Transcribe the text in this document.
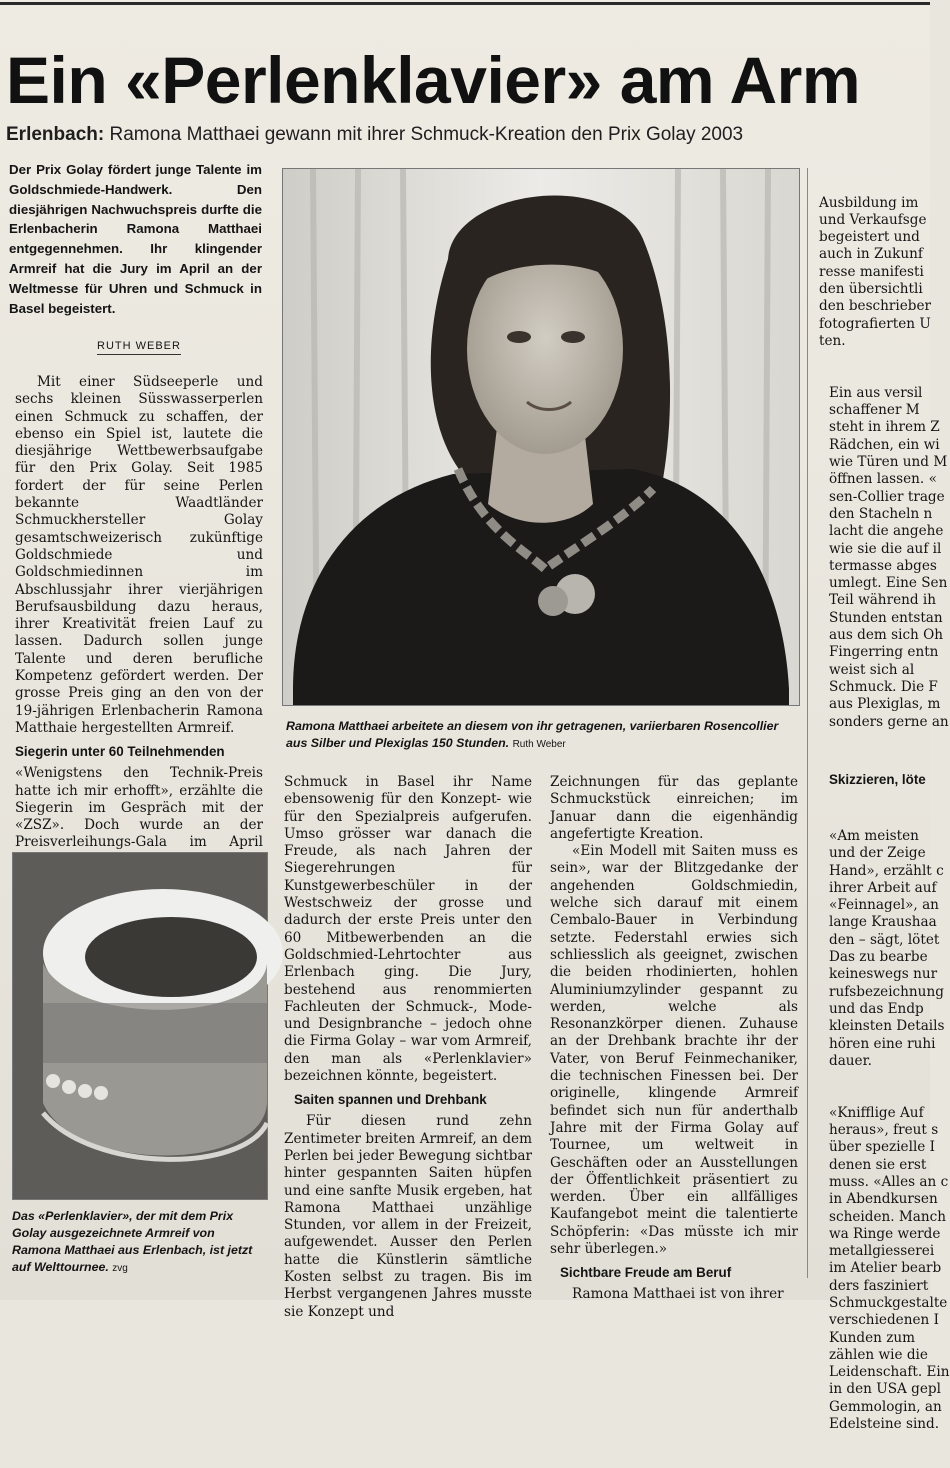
Ein «Perlenklavier» am Arm
Erlenbach: Ramona Matthaei gewann mit ihrer Schmuck-Kreation den Prix Golay 2003

Der Prix Golay fördert junge Talente im Goldschmiede-Handwerk. Den diesjährigen Nachwuchspreis durfte die Erlenbacherin Ramona Matthaei entgegennehmen. Ihr klingender Armreif hat die Jury im April an der Weltmesse für Uhren und Schmuck in Basel begeistert.

RUTH WEBER

Mit einer Südseeperle und sechs kleinen Süsswasserperlen einen Schmuck zu schaffen, der ebenso ein Spiel ist, lautete die diesjährige Wettbewerbsaufgabe für den Prix Golay. Seit 1985 fordert der für seine Perlen bekannte Waadtländer Schmuckhersteller Golay gesamtschweizerisch zukünftige Goldschmiede und Goldschmiedinnen im Abschlussjahr ihrer vierjährigen Berufsausbildung dazu heraus, ihrer Kreativität freien Lauf zu lassen. Dadurch sollen junge Talente und deren berufliche Kompetenz gefördert werden. Der grosse Preis ging an den von der 19-jährigen Erlenbacherin Ramona Matthaie hergestellten Armreif.

Siegerin unter 60 Teilnehmenden

«Wenigstens den Technik-Preis hatte ich mir erhofft», erzählte die Siegerin im Gespräch mit der «ZSZ». Doch wurde an der Preisverleihungs-Gala im April

Ramona Matthaei arbeitete an diesem von ihr getragenen, variierbaren Rosencollier aus Silber und Plexiglas 150 Stunden. Ruth Weber

Das «Perlenklavier», der mit dem Prix Golay ausgezeichnete Armreif von Ramona Matthaei aus Erlenbach, ist jetzt auf Welttournee. zvg

Schmuck in Basel ihr Name ebensowenig für den Konzept- wie für den Spezialpreis aufgerufen. Umso grösser war danach die Freude, als nach Jahren der Siegerehrungen für Kunstgewerbeschüler in der Westschweiz der grosse und dadurch der erste Preis unter den 60 Mitbewerbenden an die Goldschmied-Lehrtochter aus Erlenbach ging. Die Jury, bestehend aus renommierten Fachleuten der Schmuck-, Mode- und Designbranche – jedoch ohne die Firma Golay – war vom Armreif, den man als «Perlenklavier» bezeichnen könnte, begeistert.

Saiten spannen und Drehbank

Für diesen rund zehn Zentimeter breiten Armreif, an dem Perlen bei jeder Bewegung sichtbar hinter gespannten Saiten hüpfen und eine sanfte Musik ergeben, hat Ramona Matthaei unzählige Stunden, vor allem in der Freizeit, aufgewendet. Ausser den Perlen hatte die Künstlerin sämtliche Kosten selbst zu tragen. Bis im Herbst vergangenen Jahres musste sie Konzept und

Zeichnungen für das geplante Schmuckstück einreichen; im Januar dann die eigenhändig angefertigte Kreation.

«Ein Modell mit Saiten muss es sein», war der Blitzgedanke der angehenden Goldschmiedin, welche sich darauf mit einem Cembalo-Bauer in Verbindung setzte. Federstahl erwies sich schliesslich als geeignet, zwischen die beiden rhodinierten, hohlen Aluminiumzylinder gespannt zu werden, welche als Resonanzkörper dienen. Zuhause an der Drehbank brachte ihr der Vater, von Beruf Feinmechaniker, die technischen Finessen bei. Der originelle, klingende Armreif befindet sich nun für anderthalb Jahre mit der Firma Golay auf Tournee, um weltweit in Geschäften oder an Ausstellungen der Öffentlichkeit präsentiert zu werden. Über ein allfälliges Kaufangebot meint die talentierte Schöpferin: «Das müsste ich mir sehr überlegen.»

Sichtbare Freude am Beruf

Ramona Matthaei ist von ihrer

Ausbildung im
und Verkaufsge
begeistert und
auch in Zukunf
resse manifesti
den übersichtli
den beschrieber
fotografierten U
ten.

Ein aus versil
schaffener M
steht in ihrem Z
Rädchen, ein wi
wie Türen und M
öffnen lassen. «
sen-Collier trage
den Stacheln n
lacht die angehe
wie sie die auf il
termasse abges
umlegt. Eine Sen
Teil während ih
Stunden entstan
aus dem sich Oh
Fingerring entn
weist sich al
Schmuck. Die F
aus Plexiglas, m
sonders gerne an

Skizzieren, löte

«Am meisten
und der Zeige
Hand», erzählt c
ihrer Arbeit auf
«Feinnagel», an
lange Kraushaa
den – sägt, lötet
Das zu bearbe
keineswegs nur
rufsbezeichnung
und das Endp
kleinsten Details
hören eine ruhi
dauer.

«Knifflige Auf
heraus», freut s
über spezielle I
denen sie erst
muss. «Alles an c
in Abendkursen
scheiden. Manch
wa Ringe werde
metallgiesserei
im Atelier bearb
ders fasziniert
Schmuckgestalte
verschiedenen I
Kunden zum
zählen wie die
Leidenschaft. Ein
in den USA gepl
Gemmologin, an
Edelsteine sind.
